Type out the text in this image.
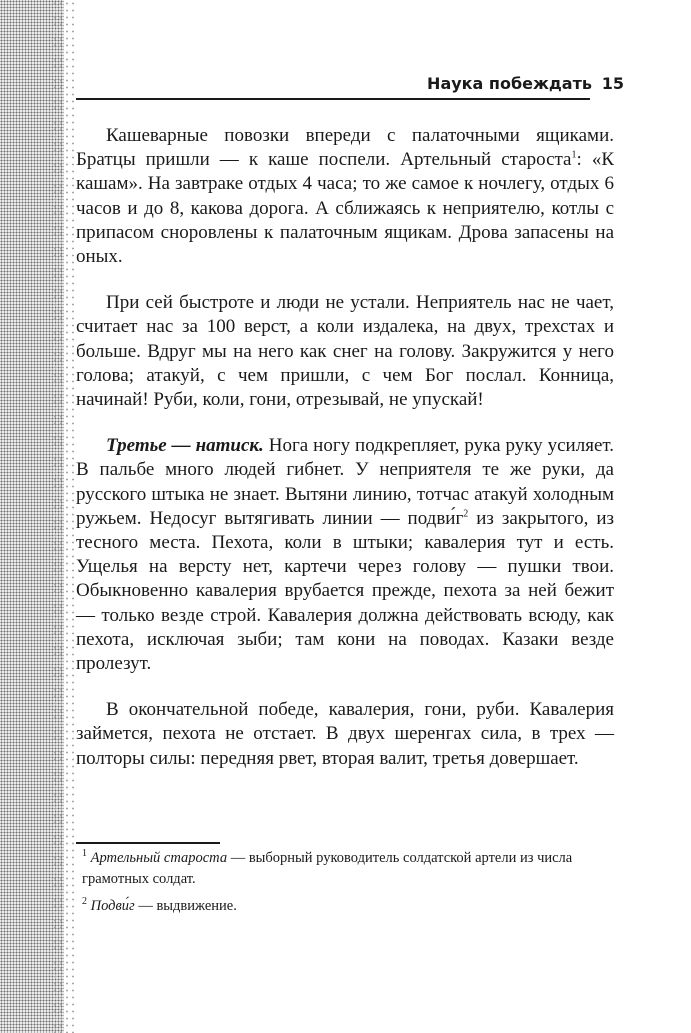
Наука побеждать 15

Кашеварные повозки впереди с палаточными ящиками. Братцы пришли — к каше поспели. Артельный староста$^1$: «К кашам». На завтраке отдых 4 часа; то же самое к ночлегу, отдых 6 часов и до 8, какова дорога. А сближаясь к неприятелю, котлы с припасом сноровлены к палаточным ящикам. Дрова запасены на оных.

При сей быстроте и люди не устали. Неприятель нас не чает, считает нас за 100 верст, а коли издалека, на двух, трехстах и больше. Вдруг мы на него как снег на голову. Закружится у него голова; атакуй, с чем пришли, с чем Бог послал. Конница, начинай! Руби, коли, гони, отрезывай, не упускай!

Третье — натиск. Нога ногу подкрепляет, рука руку усиляет. В пальбе много людей гибнет. У неприятеля те же руки, да русского штыка не знает. Вытяни линию, тотчас атакуй холодным ружьем. Недосуг вытягивать линии — $подви́г^2$ из закрытого, из тесного места. Пехота, коли в штыки; кавалерия тут и есть. Ущелья на версту нет, картечи через голову — пушки твои. Обыкновенно кавалерия врубается прежде, пехота за ней бежит — только везде строй. Кавалерия должна действовать всюду, как пехота, исключая зыби; там кони на поводах. Казаки везде пролезут.

В окончательной победе, кавалерия, гони, руби. Кавалерия займется, пехота не отстает. В двух шеренгах сила, в трех — полторы силы: передняя рвет, вторая валит, третья довершает.

$^1$ Артельный староста — выборный руководитель солдатской артели из числа грамотных солдат.

$^2$ Подви́г — выдвижение.
